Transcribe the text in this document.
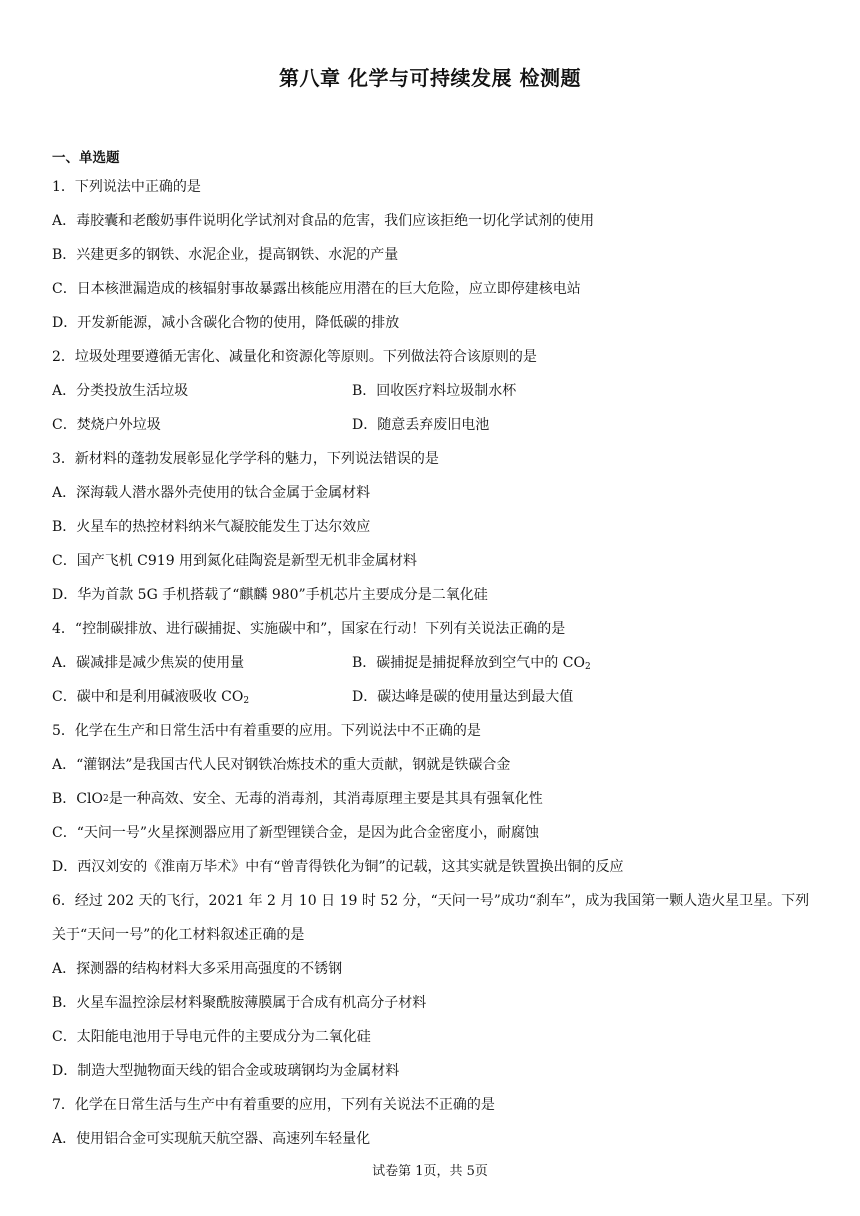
第八章 化学与可持续发展 检测题
一、单选题
1．下列说法中正确的是
A．毒胶囊和老酸奶事件说明化学试剂对食品的危害，我们应该拒绝一切化学试剂的使用
B．兴建更多的钢铁、水泥企业，提高钢铁、水泥的产量
C．日本核泄漏造成的核辐射事故暴露出核能应用潜在的巨大危险，应立即停建核电站
D．开发新能源，减小含碳化合物的使用，降低碳的排放
2．垃圾处理要遵循无害化、减量化和资源化等原则。下列做法符合该原则的是
A．分类投放生活垃圾	B．回收医疗料垃圾制水杯
C．焚烧户外垃圾	D．随意丢弃废旧电池
3．新材料的蓬勃发展彰显化学学科的魅力，下列说法错误的是
A．深海载人潜水器外壳使用的钛合金属于金属材料
B．火星车的热控材料纳米气凝胶能发生丁达尔效应
C．国产飞机 C919 用到氮化硅陶瓷是新型无机非金属材料
D．华为首款 5G 手机搭载了“麒麟 980”手机芯片主要成分是二氧化硅
4．“控制碳排放、进行碳捕捉、实施碳中和”，国家在行动！下列有关说法正确的是
A．碳减排是减少焦炭的使用量	B．碳捕捉是捕捉释放到空气中的 $CO_2$
C．碳中和是利用碱液吸收 $CO_2$	D．碳达峰是碳的使用量达到最大值
5．化学在生产和日常生活中有着重要的应用。下列说法中不正确的是
A．“灌钢法”是我国古代人民对钢铁冶炼技术的重大贡献，钢就是铁碳合金
B．ClO 2 是一种高效、安全、无毒的消毒剂，其消毒原理主要是其具有强氧化性
C．“天问一号”火星探测器应用了新型锂镁合金，是因为此合金密度小，耐腐蚀
D．西汉刘安的《淮南万毕术》中有“曾青得铁化为铜”的记载，这其实就是铁置换出铜的反应
6．经过 202 天的飞行，2021 年 2 月 10 日 19 时 52 分，“天问一号”成功“刹车”，成为我国第一颗人造火星卫星。下列关于“天问一号”的化工材料叙述正确的是
A．探测器的结构材料大多采用高强度的不锈钢
B．火星车温控涂层材料聚酰胺薄膜属于合成有机高分子材料
C．太阳能电池用于导电元件的主要成分为二氧化硅
D．制造大型抛物面天线的铝合金或玻璃钢均为金属材料
7．化学在日常生活与生产中有着重要的应用，下列有关说法不正确的是
A．使用铝合金可实现航天航空器、高速列车轻量化
试卷第 1页，共 5页
